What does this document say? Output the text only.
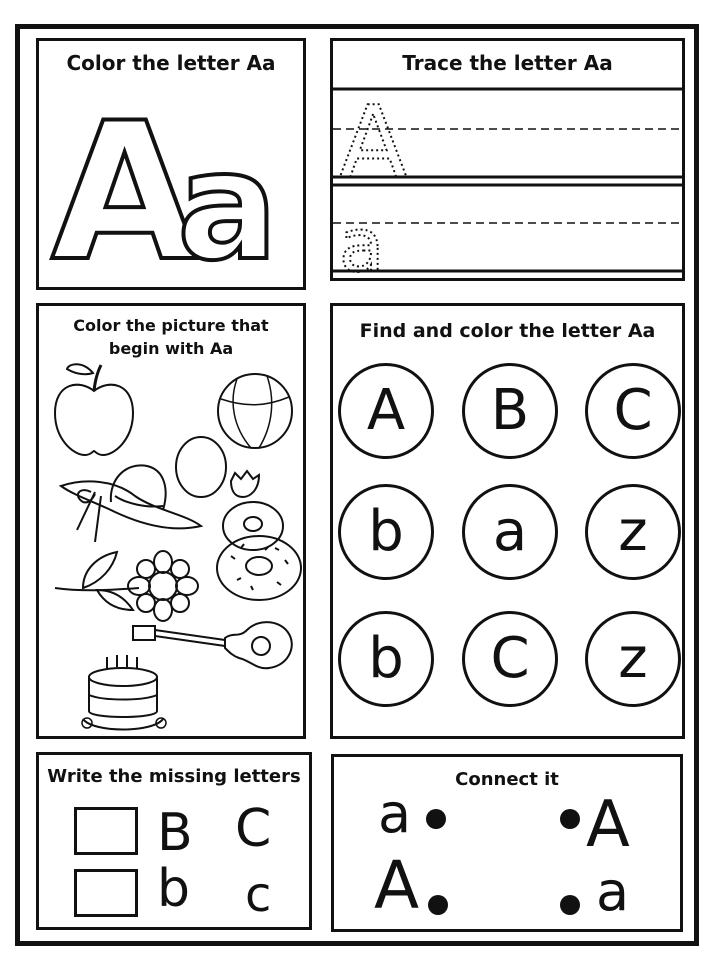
Color the letter Aa
A
a
Trace the letter Aa
A
a
Color the picture that
begin with Aa
Find and color the letter Aa
A	B	C
b	a	z
b	C	z
Write the missing letters
B C
b c
Connect it
a	A
A	a
